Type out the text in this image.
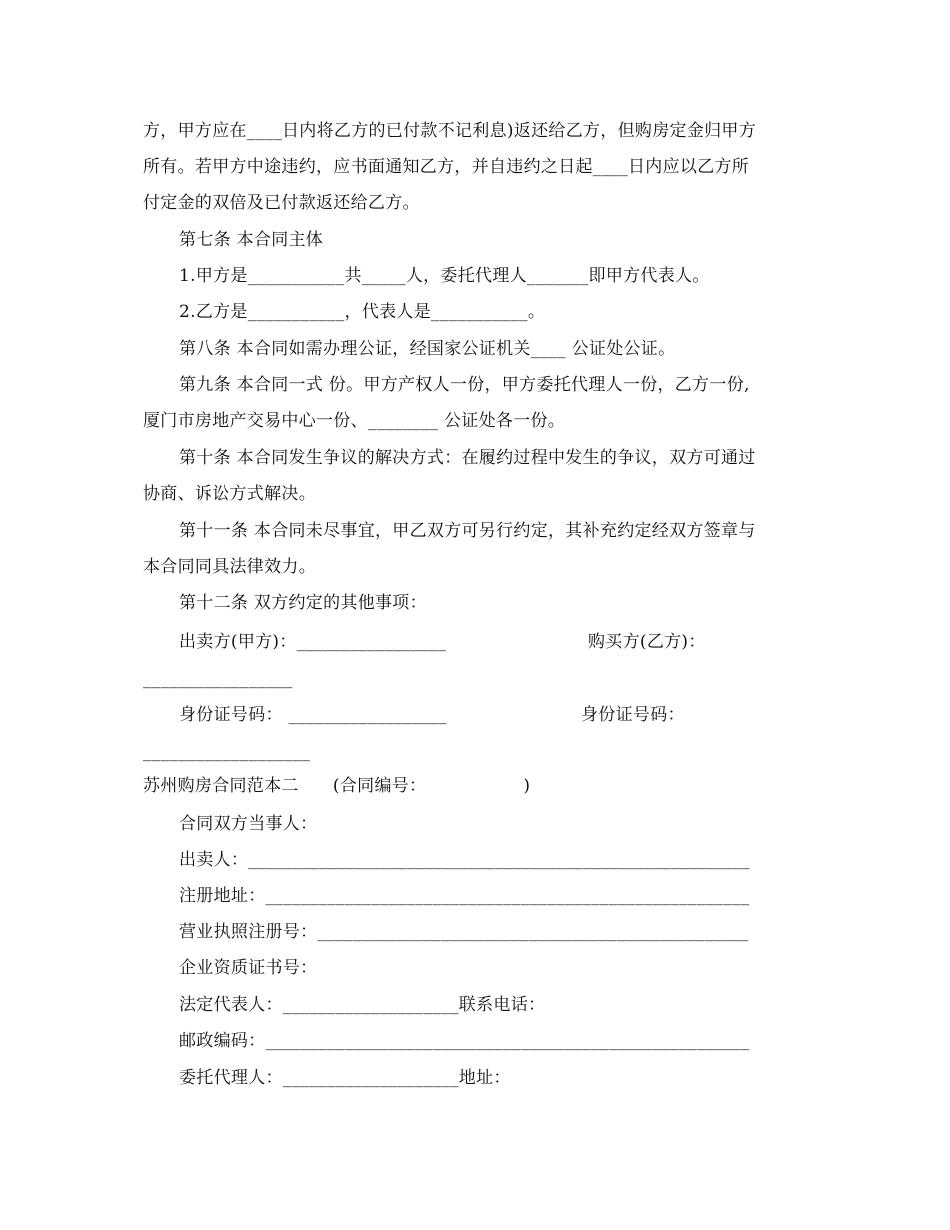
方，甲方应在____日内将乙方的已付款不记利息)返还给乙方，但购房定金归甲方
所有。若甲方中途违约，应书面通知乙方，并自违约之日起____日内应以乙方所
付定金的双倍及已付款返还给乙方。
第七条 本合同主体
1.甲方是___________共_____人，委托代理人_______即甲方代表人。
2.乙方是___________，代表人是___________。
第八条 本合同如需办理公证，经国家公证机关____ 公证处公证。
第九条 本合同一式 份。甲方产权人一份，甲方委托代理人一份，乙方一份,
厦门市房地产交易中心一份、________ 公证处各一份。
第十条 本合同发生争议的解决方式：在履约过程中发生的争议，双方可通过
协商、诉讼方式解决。
第十一条 本合同未尽事宜，甲乙双方可另行约定，其补充约定经双方签章与
本合同同具法律效力。
第十二条 双方约定的其他事项：
出卖方(甲方)：_________________	购买方(乙方)：
_________________
身份证号码： __________________	身份证号码：
___________________
苏州购房合同范本二      (合同编号：                 )
合同双方当事人：
出卖人：_________________________________________________________
注册地址：_______________________________________________________
营业执照注册号：_________________________________________________
企业资质证书号：
法定代表人：____________________联系电话：
邮政编码：_______________________________________________________
委托代理人：____________________地址：
